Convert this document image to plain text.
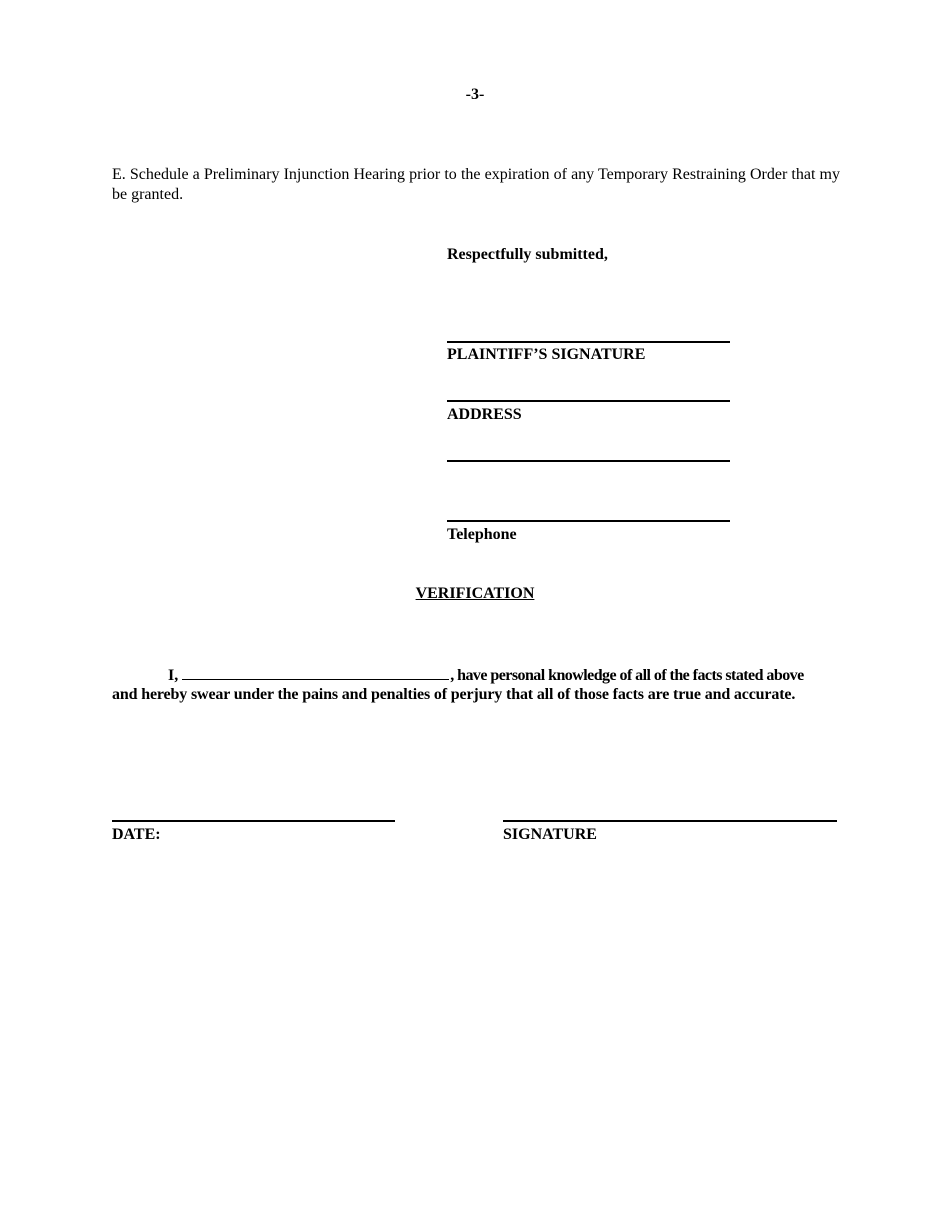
-3-
E. Schedule a Preliminary Injunction Hearing prior to the expiration of any Temporary Restraining Order that my be granted.
Respectfully submitted,
PLAINTIFF’S SIGNATURE
ADDRESS
Telephone
VERIFICATION
I,	, have personal knowledge of all of the facts stated above
and hereby swear under the pains and penalties of perjury that all of those facts are true and accurate.
DATE:	SIGNATURE
